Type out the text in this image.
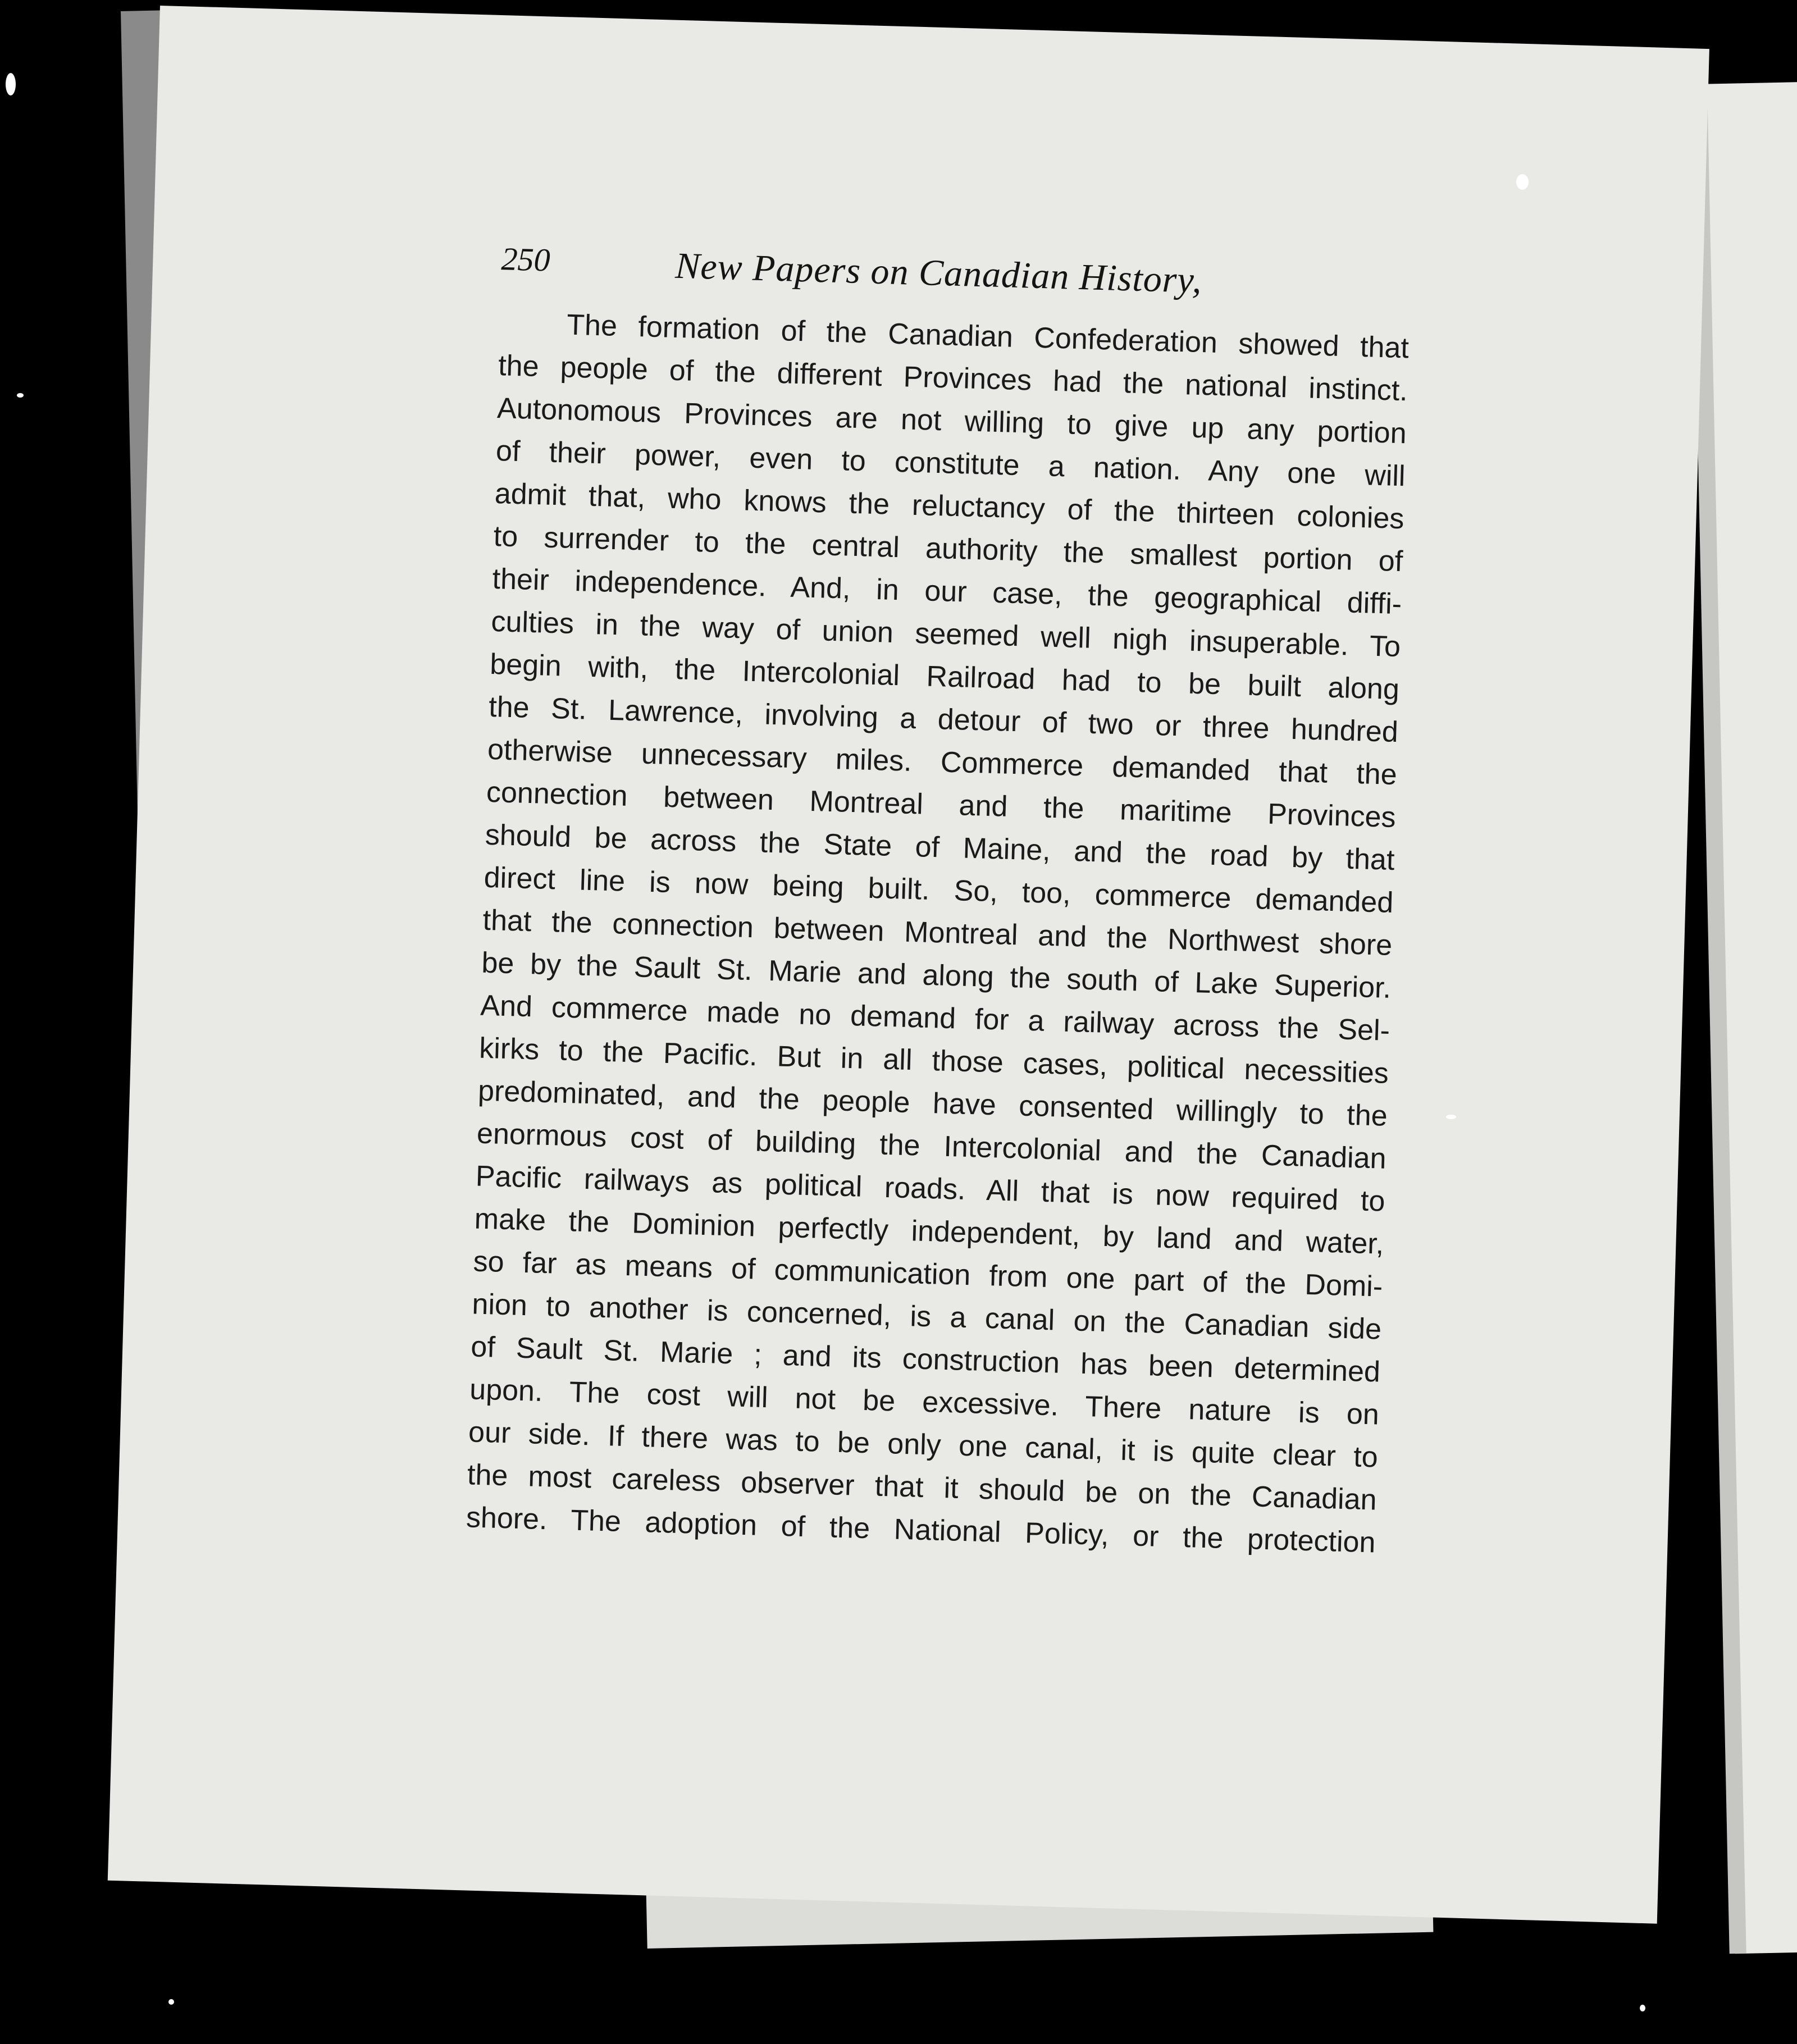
250	New Papers on Canadian History,
The formation of the Canadian Confederation showed that
the people of the different Provinces had the national instinct.
Autonomous Provinces are not willing to give up any portion
of their power, even to constitute a nation. Any one will
admit that, who knows the reluctancy of the thirteen colonies
to surrender to the central authority the smallest portion of
their independence. And, in our case, the geographical diffi-
culties in the way of union seemed well nigh insuperable. To
begin with, the Intercolonial Railroad had to be built along
the St. Lawrence, involving a detour of two or three hundred
otherwise unnecessary miles. Commerce demanded that the
connection between Montreal and the maritime Provinces
should be across the State of Maine, and the road by that
direct line is now being built. So, too, commerce demanded
that the connection between Montreal and the Northwest shore
be by the Sault St. Marie and along the south of Lake Superior.
And commerce made no demand for a railway across the Sel-
kirks to the Pacific. But in all those cases, political necessities
predominated, and the people have consented willingly to the
enormous cost of building the Intercolonial and the Canadian
Pacific railways as political roads. All that is now required to
make the Dominion perfectly independent, by land and water,
so far as means of communication from one part of the Domi-
nion to another is concerned, is a canal on the Canadian side
of Sault St. Marie ; and its construction has been determined
upon. The cost will not be excessive. There nature is on
our side. If there was to be only one canal, it is quite clear to
the most careless observer that it should be on the Canadian
shore. The adoption of the National Policy, or the protection
